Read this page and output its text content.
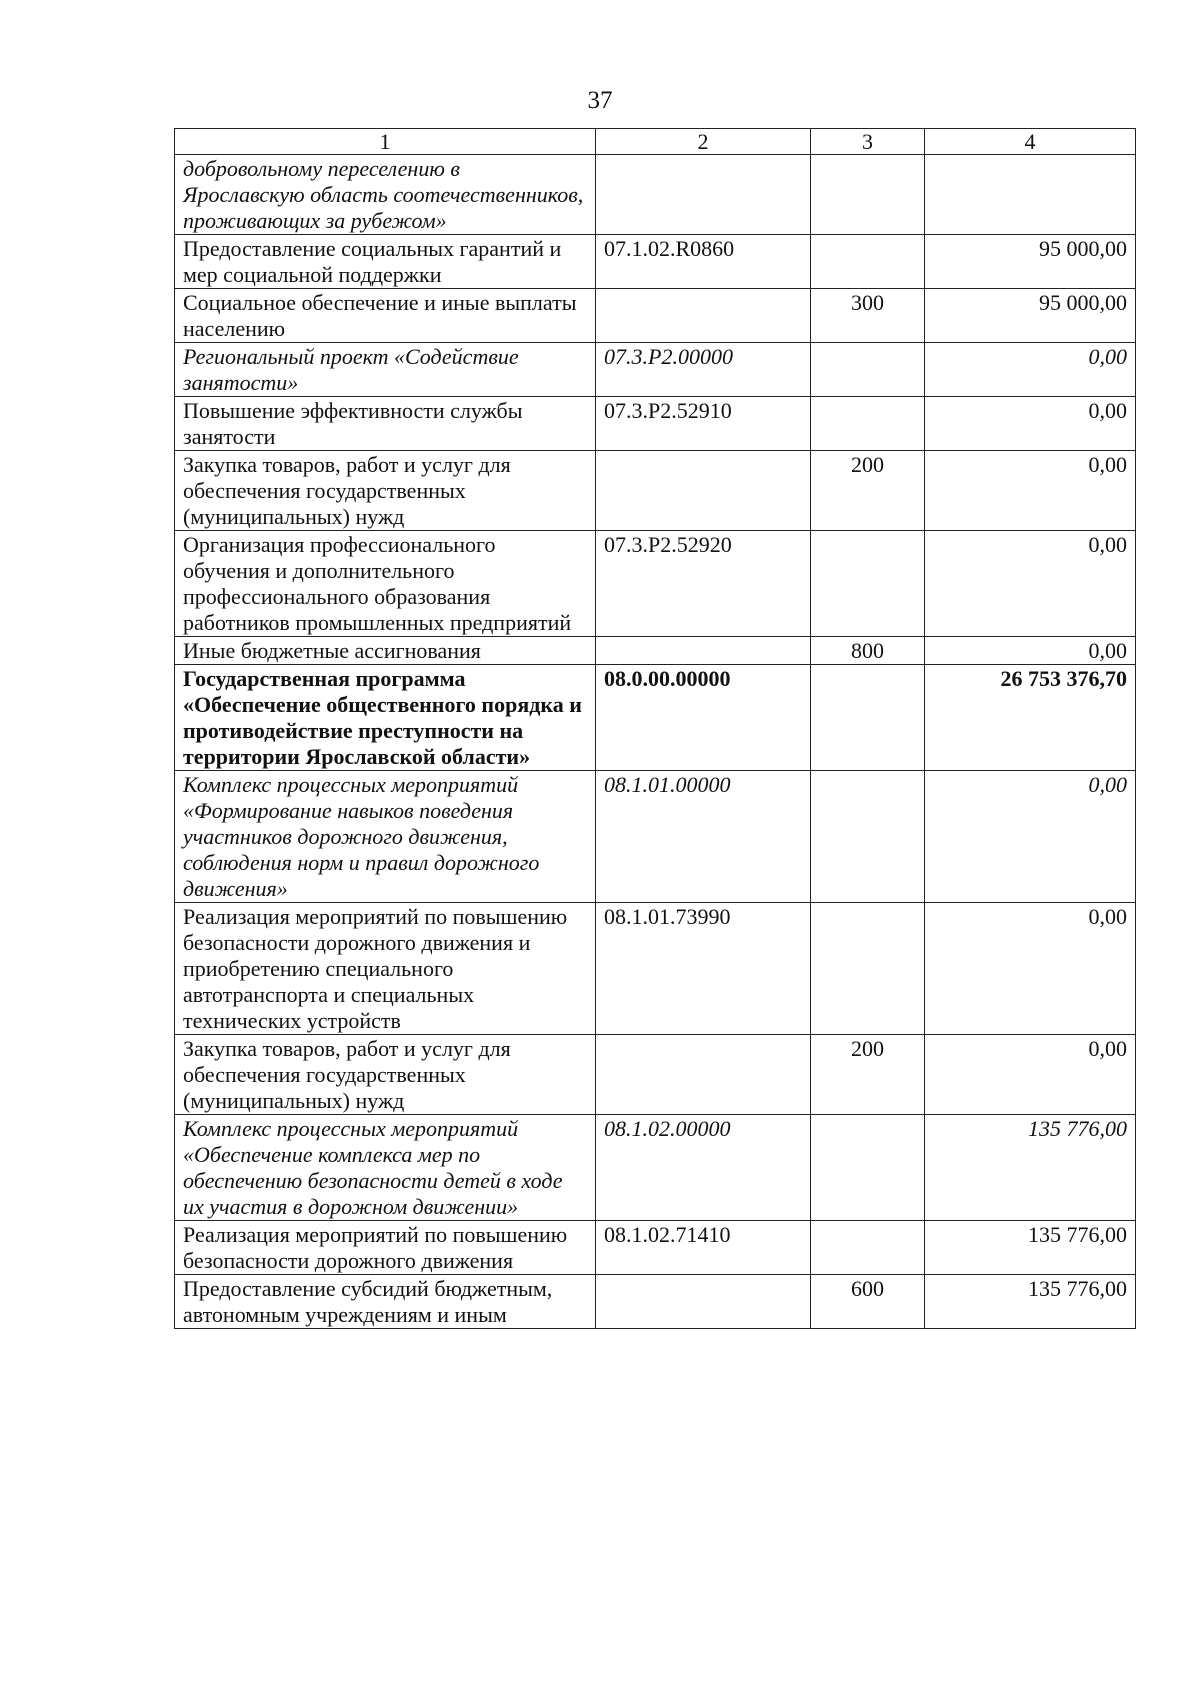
37
1	2	3	4
добровольному переселению в Ярославскую область соотечественников, проживающих за рубежом»			
Предоставление социальных гарантий и мер социальной поддержки	07.1.02.R0860		95 000,00
Социальное обеспечение и иные выплаты населению		300	95 000,00
Региональный проект «Содействие занятости»	07.3.P2.00000		0,00
Повышение эффективности службы занятости	07.3.P2.52910		0,00
Закупка товаров, работ и услуг для обеспечения государственных (муниципальных) нужд		200	0,00
Организация профессионального обучения и дополнительного профессионального образования работников промышленных предприятий	07.3.P2.52920		0,00
Иные бюджетные ассигнования		800	0,00
Государственная программа «Обеспечение общественного порядка и противодействие преступности на территории Ярославской области»	08.0.00.00000		26 753 376,70
Комплекс процессных мероприятий «Формирование навыков поведения участников дорожного движения, соблюдения норм и правил дорожного движения»	08.1.01.00000		0,00
Реализация мероприятий по повышению безопасности дорожного движения и приобретению специального автотранспорта и специальных технических устройств	08.1.01.73990		0,00
Закупка товаров, работ и услуг для обеспечения государственных (муниципальных) нужд		200	0,00
Комплекс процессных мероприятий «Обеспечение комплекса мер по обеспечению безопасности детей в ходе их участия в дорожном движении»	08.1.02.00000		135 776,00
Реализация мероприятий по повышению безопасности дорожного движения	08.1.02.71410		135 776,00
Предоставление субсидий бюджетным, автономным учреждениям и иным		600	135 776,00
